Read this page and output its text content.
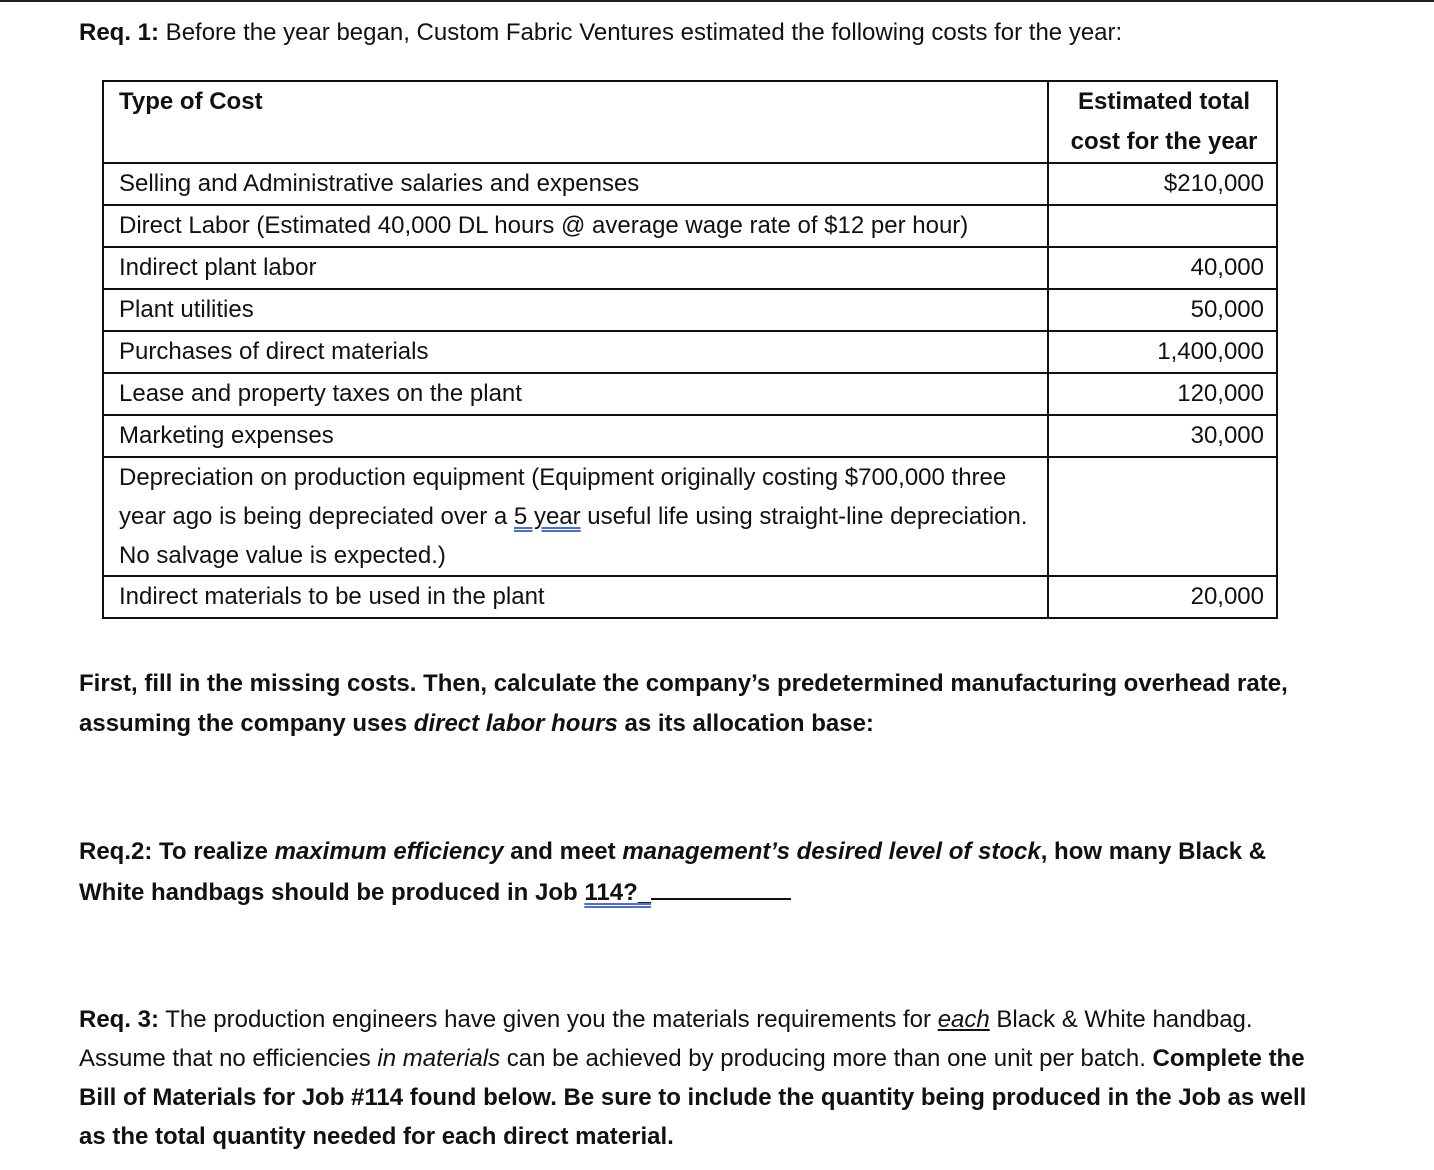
Req. 1: Before the year began, Custom Fabric Ventures estimated the following costs for the year:
Type of Cost	Estimated total
cost for the year
Selling and Administrative salaries and expenses	$210,000
Direct Labor (Estimated 40,000 DL hours @ average wage rate of $12 per hour)	
Indirect plant labor	40,000
Plant utilities	50,000
Purchases of direct materials	1,400,000
Lease and property taxes on the plant	120,000
Marketing expenses	30,000
Depreciation on production equipment (Equipment originally costing $700,000 three year ago is being depreciated over a 5 year useful life using straight-line depreciation. No salvage value is expected.)	
Indirect materials to be used in the plant	20,000
First, fill in the missing costs. Then, calculate the company’s predetermined manufacturing overhead rate, assuming the company uses direct labor hours as its allocation base:
Req.2: To realize maximum efficiency and meet management’s desired level of stock, how many Black & White handbags should be produced in Job 114?_
Req. 3: The production engineers have given you the materials requirements for each Black & White handbag. Assume that no efficiencies in materials can be achieved by producing more than one unit per batch. Complete the Bill of Materials for Job #114 found below. Be sure to include the quantity being produced in the Job as well as the total quantity needed for each direct material.
